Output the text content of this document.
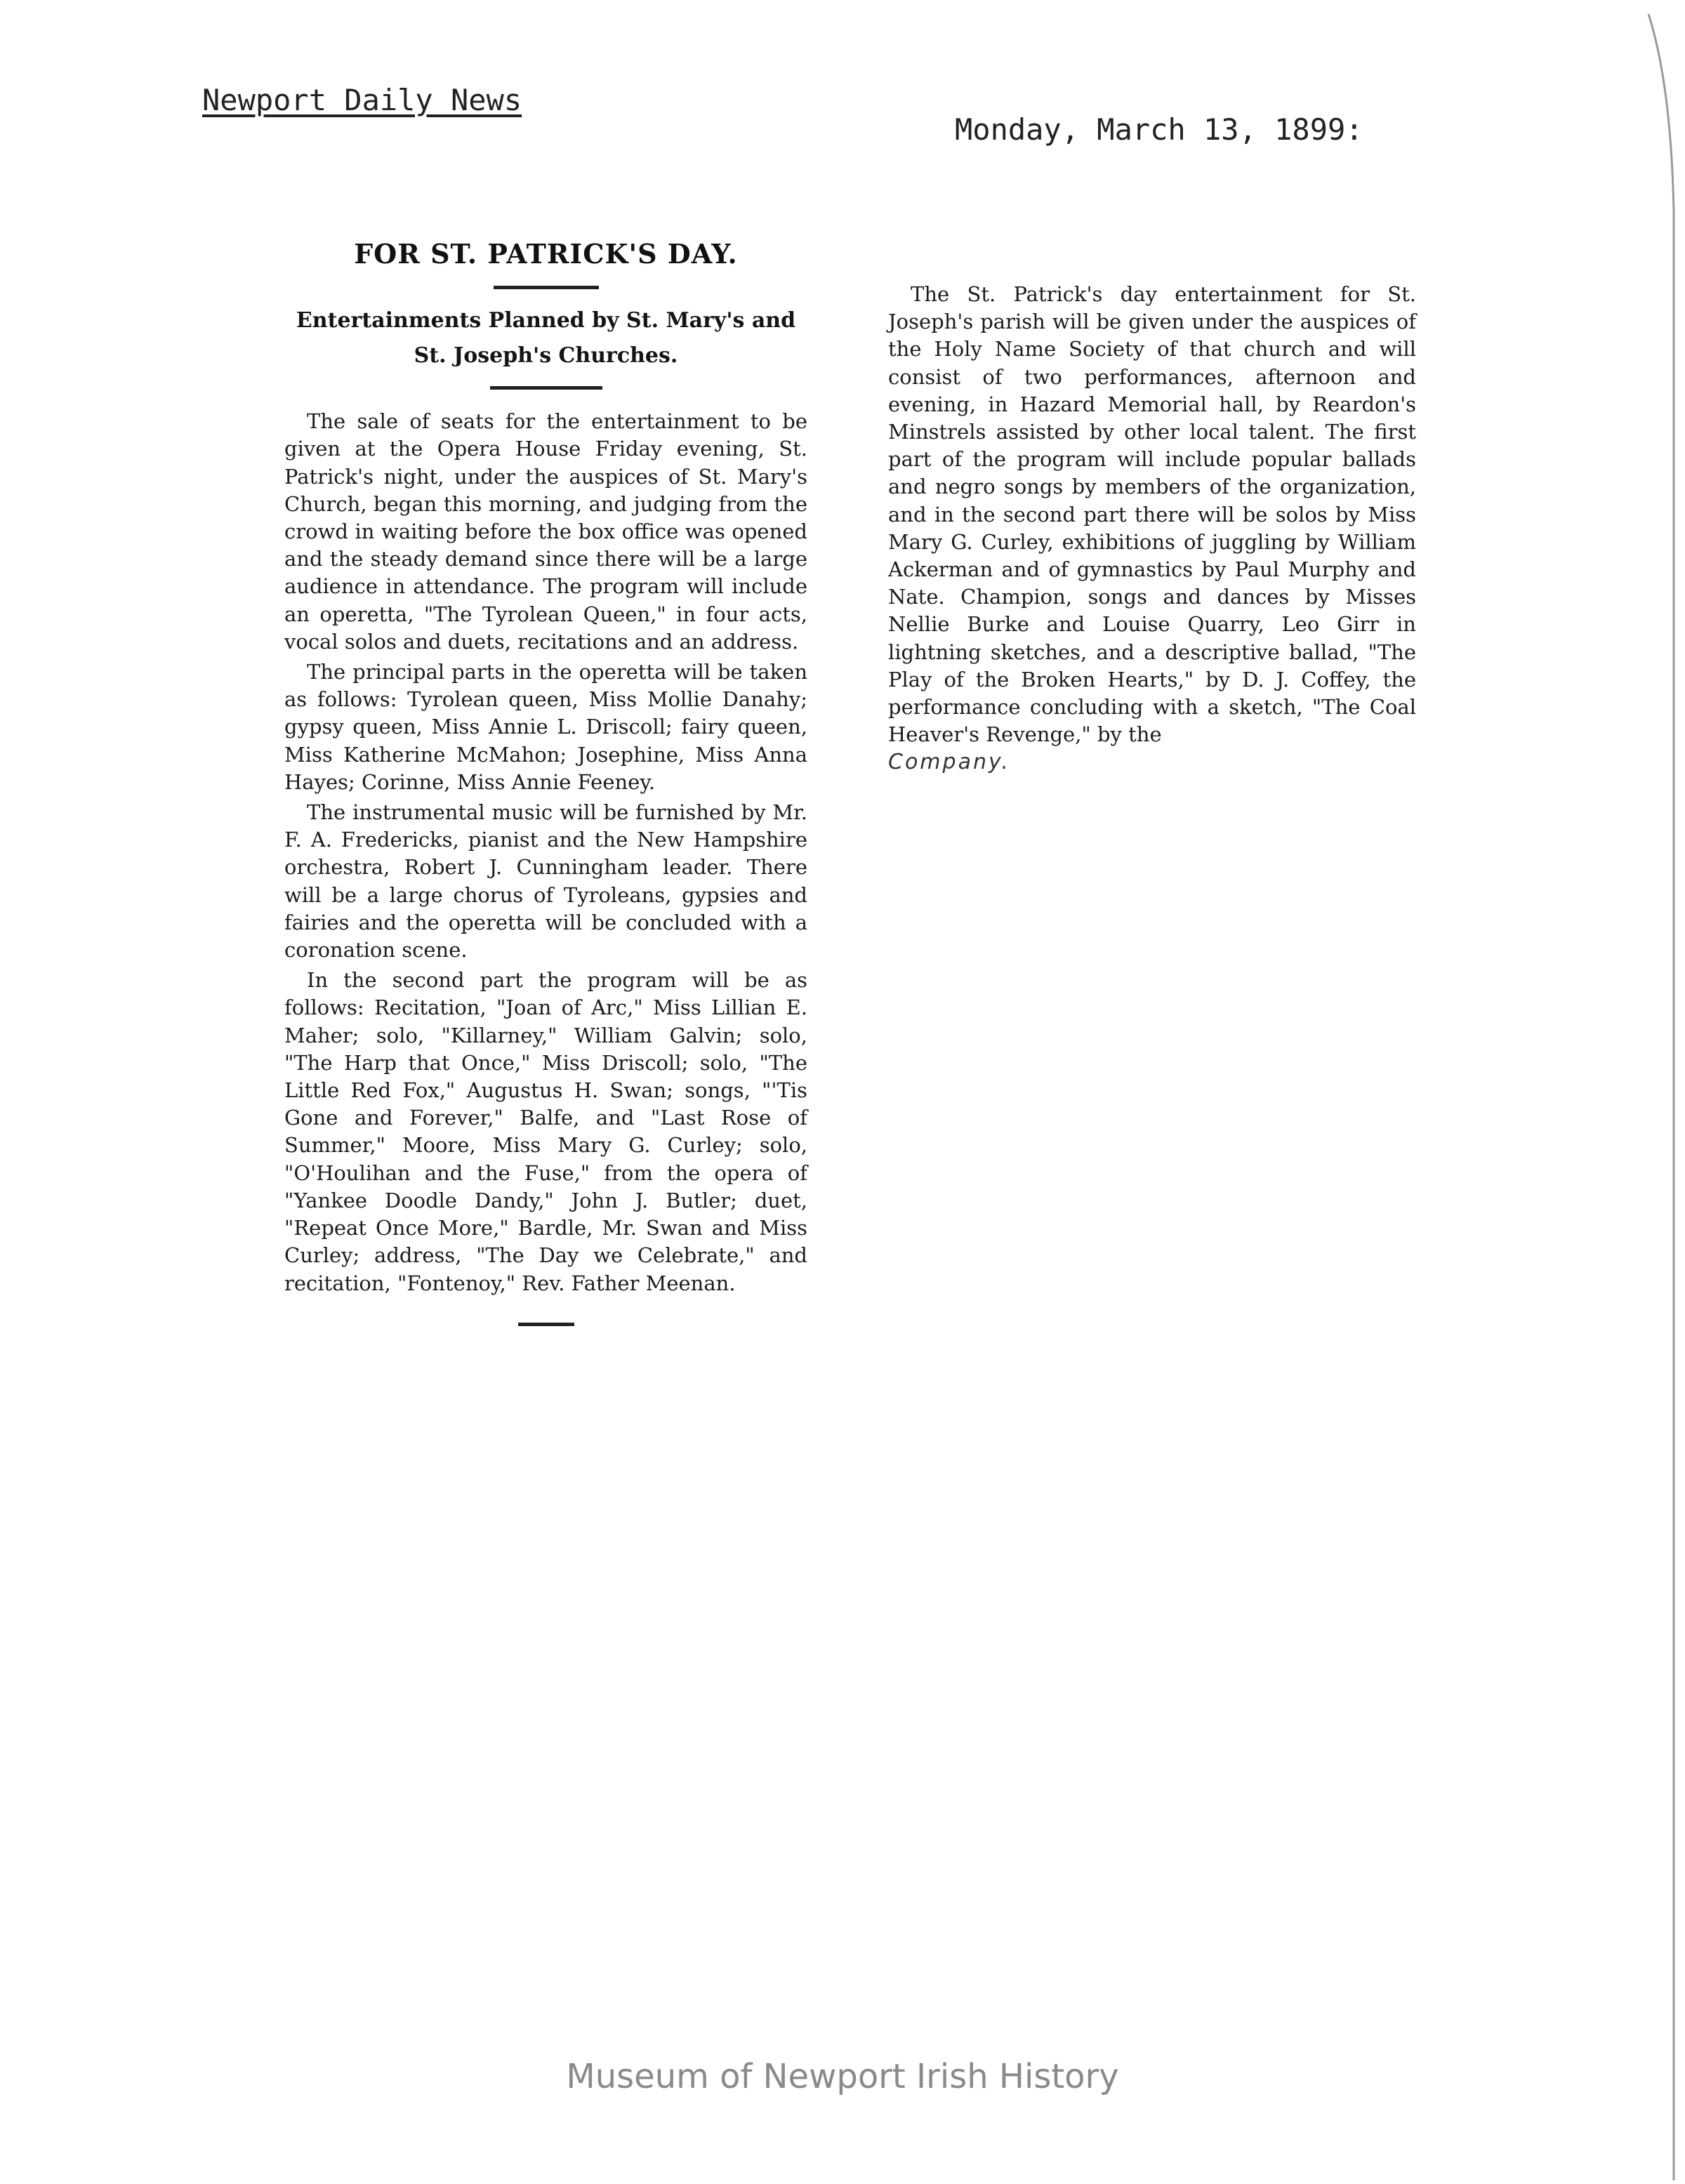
Newport Daily News
Monday, March 13, 1899:
FOR ST. PATRICK'S DAY.
Entertainments Planned by St. Mary's and St. Joseph's Churches.

The sale of seats for the entertainment to be given at the Opera House Friday evening, St. Patrick's night, under the auspices of St. Mary's Church, began this morning, and judging from the crowd in waiting before the box office was opened and the steady demand since there will be a large audience in attendance. The program will include an operetta, "The Tyrolean Queen," in four acts, vocal solos and duets, recitations and an address.

The principal parts in the operetta will be taken as follows: Tyrolean queen, Miss Mollie Danahy; gypsy queen, Miss Annie L. Driscoll; fairy queen, Miss Katherine McMahon; Josephine, Miss Anna Hayes; Corinne, Miss Annie Feeney.

The instrumental music will be furnished by Mr. F. A. Fredericks, pianist and the New Hampshire orchestra, Robert J. Cunningham leader. There will be a large chorus of Tyroleans, gypsies and fairies and the operetta will be concluded with a coronation scene.

In the second part the program will be as follows: Recitation, "Joan of Arc," Miss Lillian E. Maher; solo, "Killarney," William Galvin; solo, "The Harp that Once," Miss Driscoll; solo, "The Little Red Fox," Augustus H. Swan; songs, "'Tis Gone and Forever," Balfe, and "Last Rose of Summer," Moore, Miss Mary G. Curley; solo, "O'Houlihan and the Fuse," from the opera of "Yankee Doodle Dandy," John J. Butler; duet, "Repeat Once More," Bardle, Mr. Swan and Miss Curley; address, "The Day we Celebrate," and recitation, "Fontenoy," Rev. Father Meenan.

The St. Patrick's day entertainment for St. Joseph's parish will be given under the auspices of the Holy Name Society of that church and will consist of two performances, afternoon and evening, in Hazard Memorial hall, by Reardon's Minstrels assisted by other local talent. The first part of the program will include popular ballads and negro songs by members of the organization, and in the second part there will be solos by Miss Mary G. Curley, exhibitions of juggling by William Ackerman and of gymnastics by Paul Murphy and Nate. Champion, songs and dances by Misses Nellie Burke and Louise Quarry, Leo Girr in lightning sketches, and a descriptive ballad, "The Play of the Broken Hearts," by D. J. Coffey, the performance concluding with a sketch, "The Coal Heaver's Revenge," by the
Company.

Museum of Newport Irish History
